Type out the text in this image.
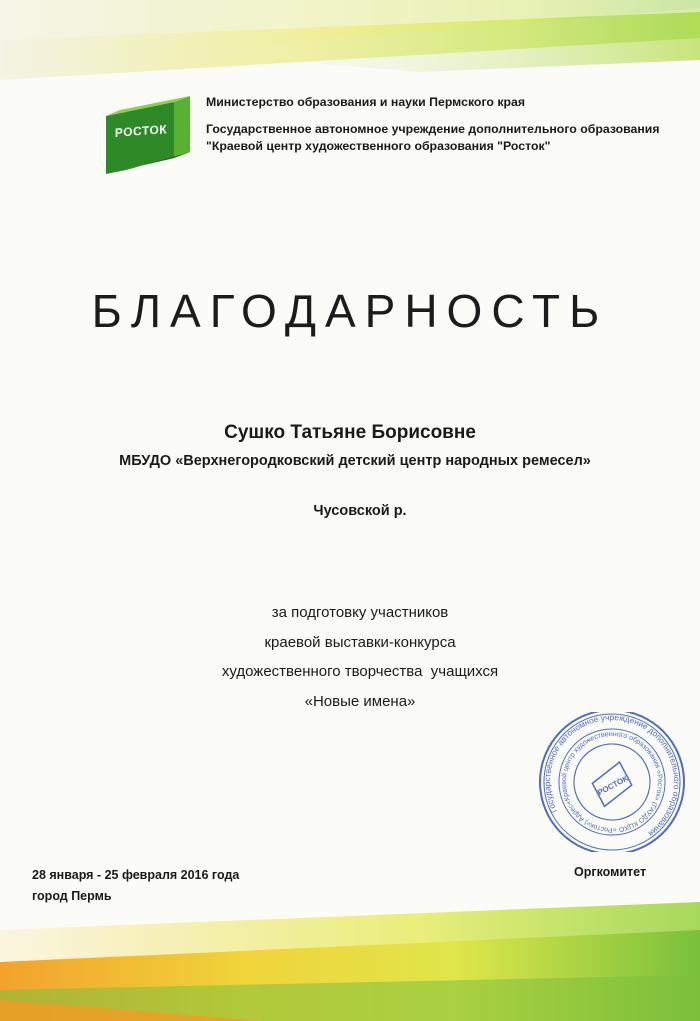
РОСТОК
Министерство образования и науки Пермского края
Государственное автономное учреждение дополнительного образования "Краевой центр художественного образования "Росток"
БЛАГОДАРНОСТЬ
Сушко Татьяне Борисовне
МБУДО «Верхнегородковский детский центр народных ремесел»
Чусовской р.
за подготовку участников
краевой выставки-конкурса
художественного творчества  учащихся
«Новые имена»
Государственное автономное учреждение дополнительного образования
«Краевой центр художественного образования «Росток» (ГАУДО КЦХО «Росток») Адрес:
РОСТОК
28 января - 25 февраля 2016 года
город Пермь
Оргкомитет
